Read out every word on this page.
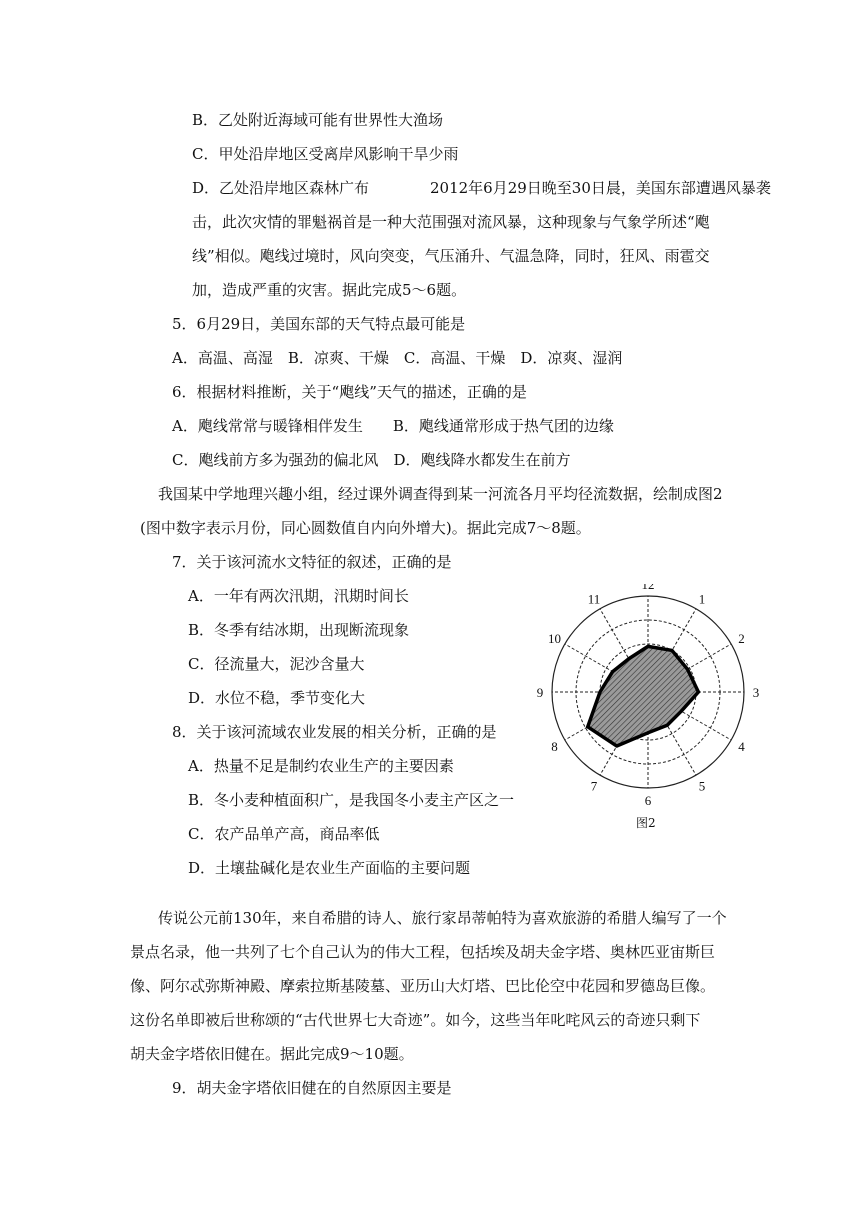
B．乙处附近海域可能有世界性大渔场
C．甲处沿岸地区受离岸风影响干旱少雨
D．乙处沿岸地区森林广布	2012年6月29日晚至30日晨，美国东部遭遇风暴袭
击，此次灾情的罪魁祸首是一种大范围强对流风暴，这种现象与气象学所述“飑
线”相似。飑线过境时，风向突变，气压涌升、气温急降，同时，狂风、雨雹交
加，造成严重的灾害。据此完成5～6题。
5．6月29日，美国东部的天气特点最可能是
A．高温、高湿　B．凉爽、干燥　C．高温、干燥　D．凉爽、湿润
6．根据材料推断，关于“飑线”天气的描述，正确的是
A．飑线常常与暖锋相伴发生　　B．飑线通常形成于热气团的边缘
C．飑线前方多为强劲的偏北风　D．飑线降水都发生在前方
我国某中学地理兴趣小组，经过课外调查得到某一河流各月平均径流数据，绘制成图2
(图中数字表示月份，同心圆数值自内向外增大)。据此完成7～8题。
7．关于该河流水文特征的叙述，正确的是
A．一年有两次汛期，汛期时间长
B．冬季有结冰期，出现断流现象
C．径流量大，泥沙含量大
D．水位不稳，季节变化大
8．关于该河流域农业发展的相关分析，正确的是
A．热量不足是制约农业生产的主要因素
B．冬小麦种植面积广，是我国冬小麦主产区之一
C．农产品单产高，商品率低
D．土壤盐碱化是农业生产面临的主要问题
1
2
3
4
5
6
7
8
9
10
11
12
图2
传说公元前130年，来自希腊的诗人、旅行家昂蒂帕特为喜欢旅游的希腊人编写了一个
景点名录，他一共列了七个自己认为的伟大工程，包括埃及胡夫金字塔、奥林匹亚宙斯巨
像、阿尔忒弥斯神殿、摩索拉斯基陵墓、亚历山大灯塔、巴比伦空中花园和罗德岛巨像。
这份名单即被后世称颂的“古代世界七大奇迹”。如今，这些当年叱咤风云的奇迹只剩下
胡夫金字塔依旧健在。据此完成9～10题。
9．胡夫金字塔依旧健在的自然原因主要是
